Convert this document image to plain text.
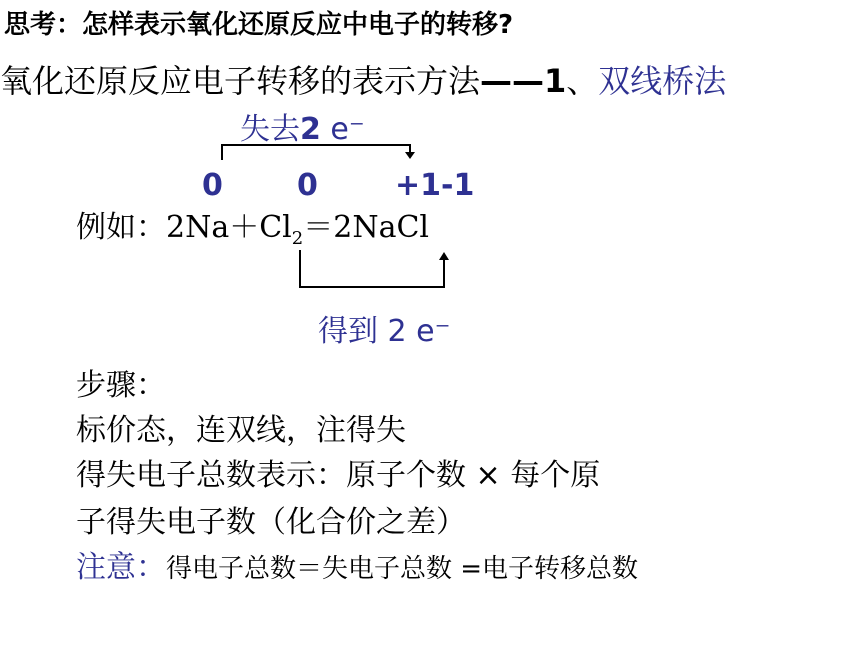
思考：怎样表示氧化还原反应中电子的转移?
氧化还原反应电子转移的表示方法——1、双线桥法
失去2 e⁻
0 0	+1-1
例如：$2Na+Cl_2=2NaCl$
得到 2 e⁻
步骤：
标价态，连双线，注得失
得失电子总数表示：原子个数 × 每个原
子得失电子数（化合价之差）
注意：得电子总数＝失电子总数 =电子转移总数
